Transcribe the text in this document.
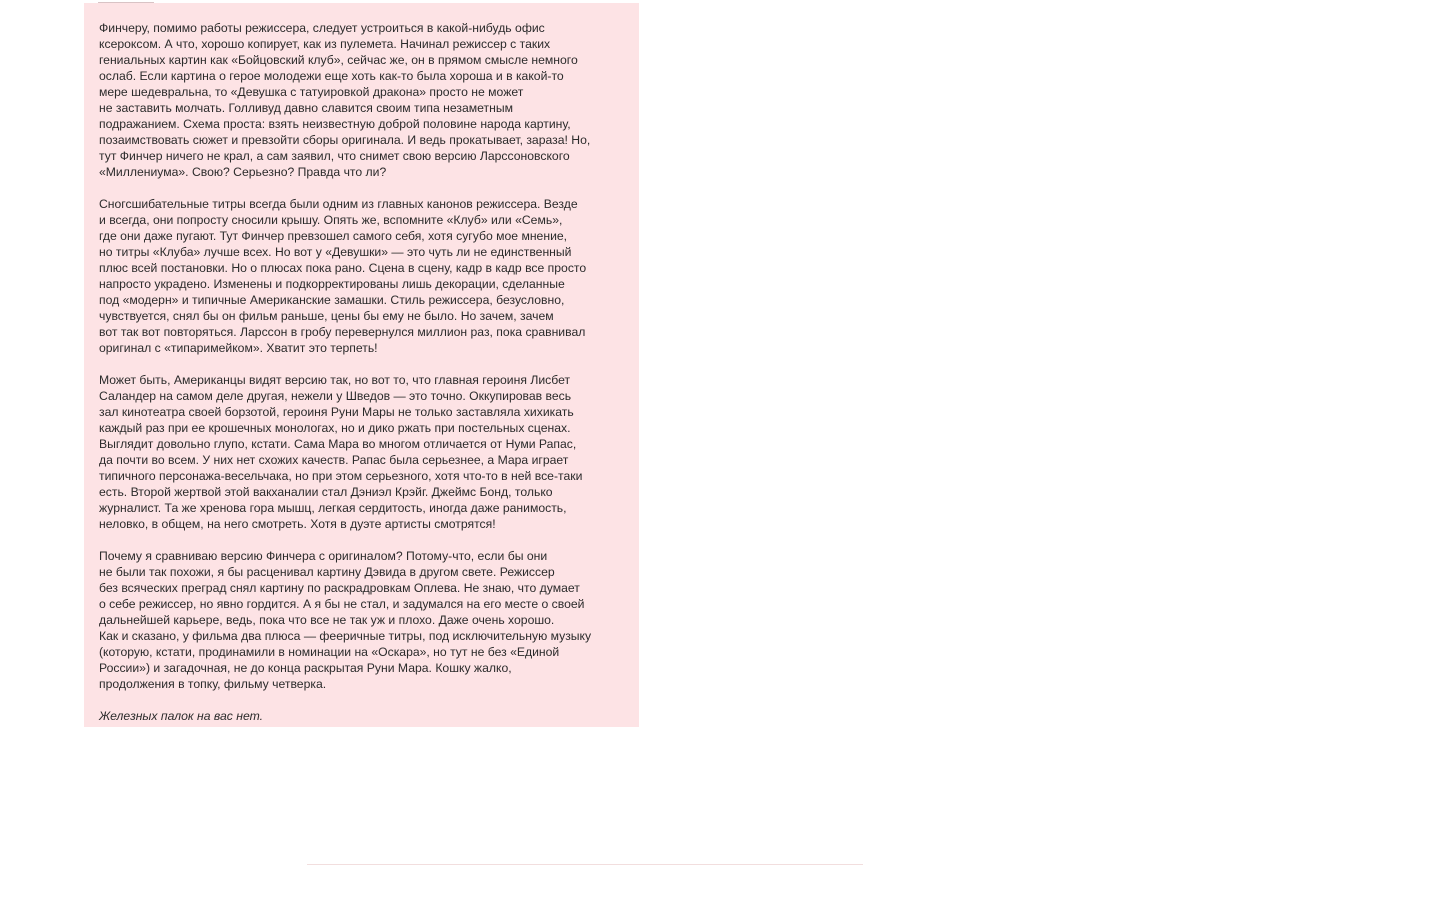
Финчеру, помимо работы режиссера, следует устроиться в какой-нибудь офис
ксероксом. А что, хорошо копирует, как из пулемета. Начинал режиссер с таких
гениальных картин как «Бойцовский клуб», сейчас же, он в прямом смысле немного
ослаб. Если картина о герое молодежи еще хоть как-то была хороша и в какой-то
мере шедевральна, то «Девушка с татуировкой дракона» просто не может
не заставить молчать. Голливуд давно славится своим типа незаметным
подражанием. Схема проста: взять неизвестную доброй половине народа картину,
позаимствовать сюжет и превзойти сборы оригинала. И ведь прокатывает, зараза! Но,
тут Финчер ничего не крал, а сам заявил, что снимет свою версию Ларссоновского
«Миллениума». Свою? Серьезно? Правда что ли?

Сногсшибательные титры всегда были одним из главных канонов режиссера. Везде
и всегда, они попросту сносили крышу. Опять же, вспомните «Клуб» или «Семь»,
где они даже пугают. Тут Финчер превзошел самого себя, хотя сугубо мое мнение,
но титры «Клуба» лучше всех. Но вот у «Девушки» — это чуть ли не единственный
плюс всей постановки. Но о плюсах пока рано. Сцена в сцену, кадр в кадр все просто
напросто украдено. Изменены и подкорректированы лишь декорации, сделанные
под «модерн» и типичные Американские замашки. Стиль режиссера, безусловно,
чувствуется, снял бы он фильм раньше, цены бы ему не было. Но зачем, зачем
вот так вот повторяться. Ларссон в гробу перевернулся миллион раз, пока сравнивал
оригинал с «типаримейком». Хватит это терпеть!

Может быть, Американцы видят версию так, но вот то, что главная героиня Лисбет
Саландер на самом деле другая, нежели у Шведов — это точно. Оккупировав весь
зал кинотеатра своей борзотой, героиня Руни Мары не только заставляла хихикать
каждый раз при ее крошечных монологах, но и дико ржать при постельных сценах.
Выглядит довольно глупо, кстати. Сама Мара во многом отличается от Нуми Рапас,
да почти во всем. У них нет схожих качеств. Рапас была серьезнее, а Мара играет
типичного персонажа-весельчака, но при этом серьезного, хотя что-то в ней все-таки
есть. Второй жертвой этой вакханалии стал Дэниэл Крэйг. Джеймс Бонд, только
журналист. Та же хренова гора мышц, легкая сердитость, иногда даже ранимость,
неловко, в общем, на него смотреть. Хотя в дуэте артисты смотрятся!

Почему я сравниваю версию Финчера с оригиналом? Потому-что, если бы они
не были так похожи, я бы расценивал картину Дэвида в другом свете. Режиссер
без всяческих преград снял картину по раскрадровкам Оплева. Не знаю, что думает
о себе режиссер, но явно гордится. А я бы не стал, и задумался на его месте о своей
дальнейшей карьере, ведь, пока что все не так уж и плохо. Даже очень хорошо.
Как и сказано, у фильма два плюса — фееричные титры, под исключительную музыку
(которую, кстати, продинамили в номинации на «Оскара», но тут не без «Единой
России») и загадочная, не до конца раскрытая Руни Мара. Кошку жалко,
продолжения в топку, фильму четверка.

Железных палок на вас нет.
